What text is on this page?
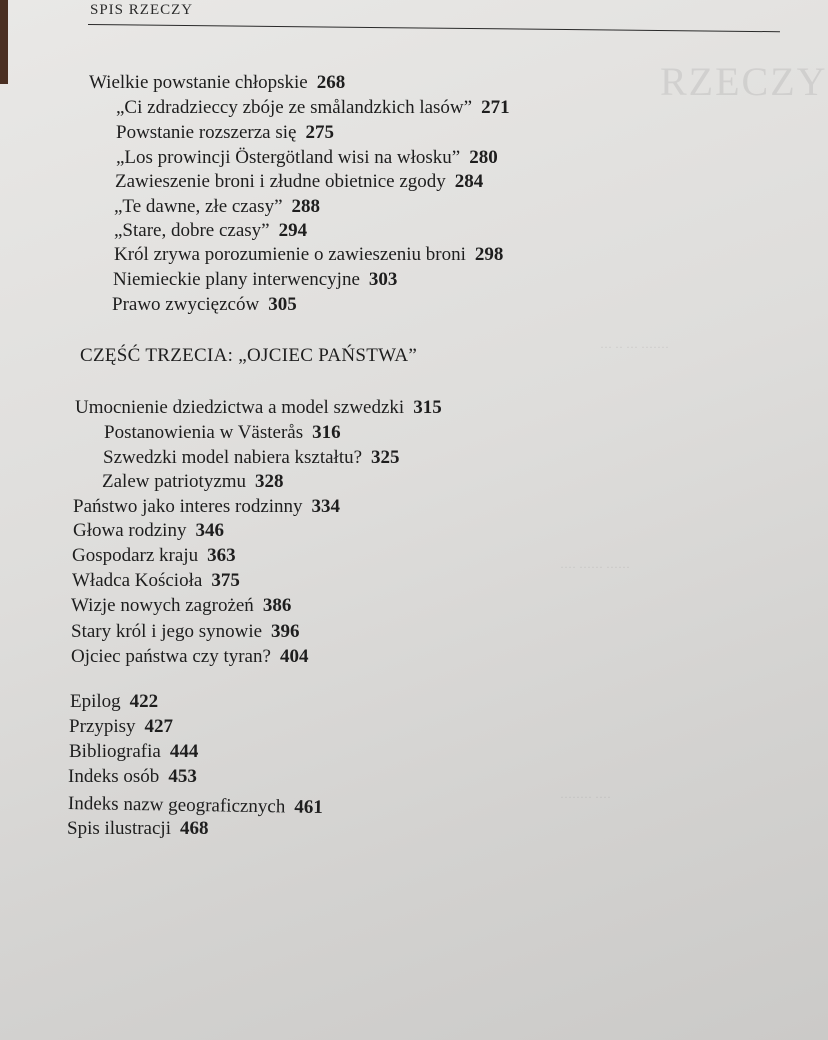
RZECZY
··· ·· ··· ·······
···· ······ ······
········ ····
SPIS RZECZY
Wielkie powstanie chłopskie 268
„Ci zdradzieccy zbóje ze smålandzkich lasów” 271
Powstanie rozszerza się 275
„Los prowincji Östergötland wisi na włosku” 280
Zawieszenie broni i złudne obietnice zgody 284
„Te dawne, złe czasy” 288
„Stare, dobre czasy” 294
Król zrywa porozumienie o zawieszeniu broni 298
Niemieckie plany interwencyjne 303
Prawo zwycięzców 305
CZĘŚĆ TRZECIA: „OJCIEC PAŃSTWA”
Umocnienie dziedzictwa a model szwedzki 315
Postanowienia w Västerås 316
Szwedzki model nabiera kształtu? 325
Zalew patriotyzmu 328
Państwo jako interes rodzinny 334
Głowa rodziny 346
Gospodarz kraju 363
Władca Kościoła 375
Wizje nowych zagrożeń 386
Stary król i jego synowie 396
Ojciec państwa czy tyran? 404
Epilog 422
Przypisy 427
Bibliografia 444
Indeks osób 453
Indeks nazw geograficznych 461
Spis ilustracji 468
